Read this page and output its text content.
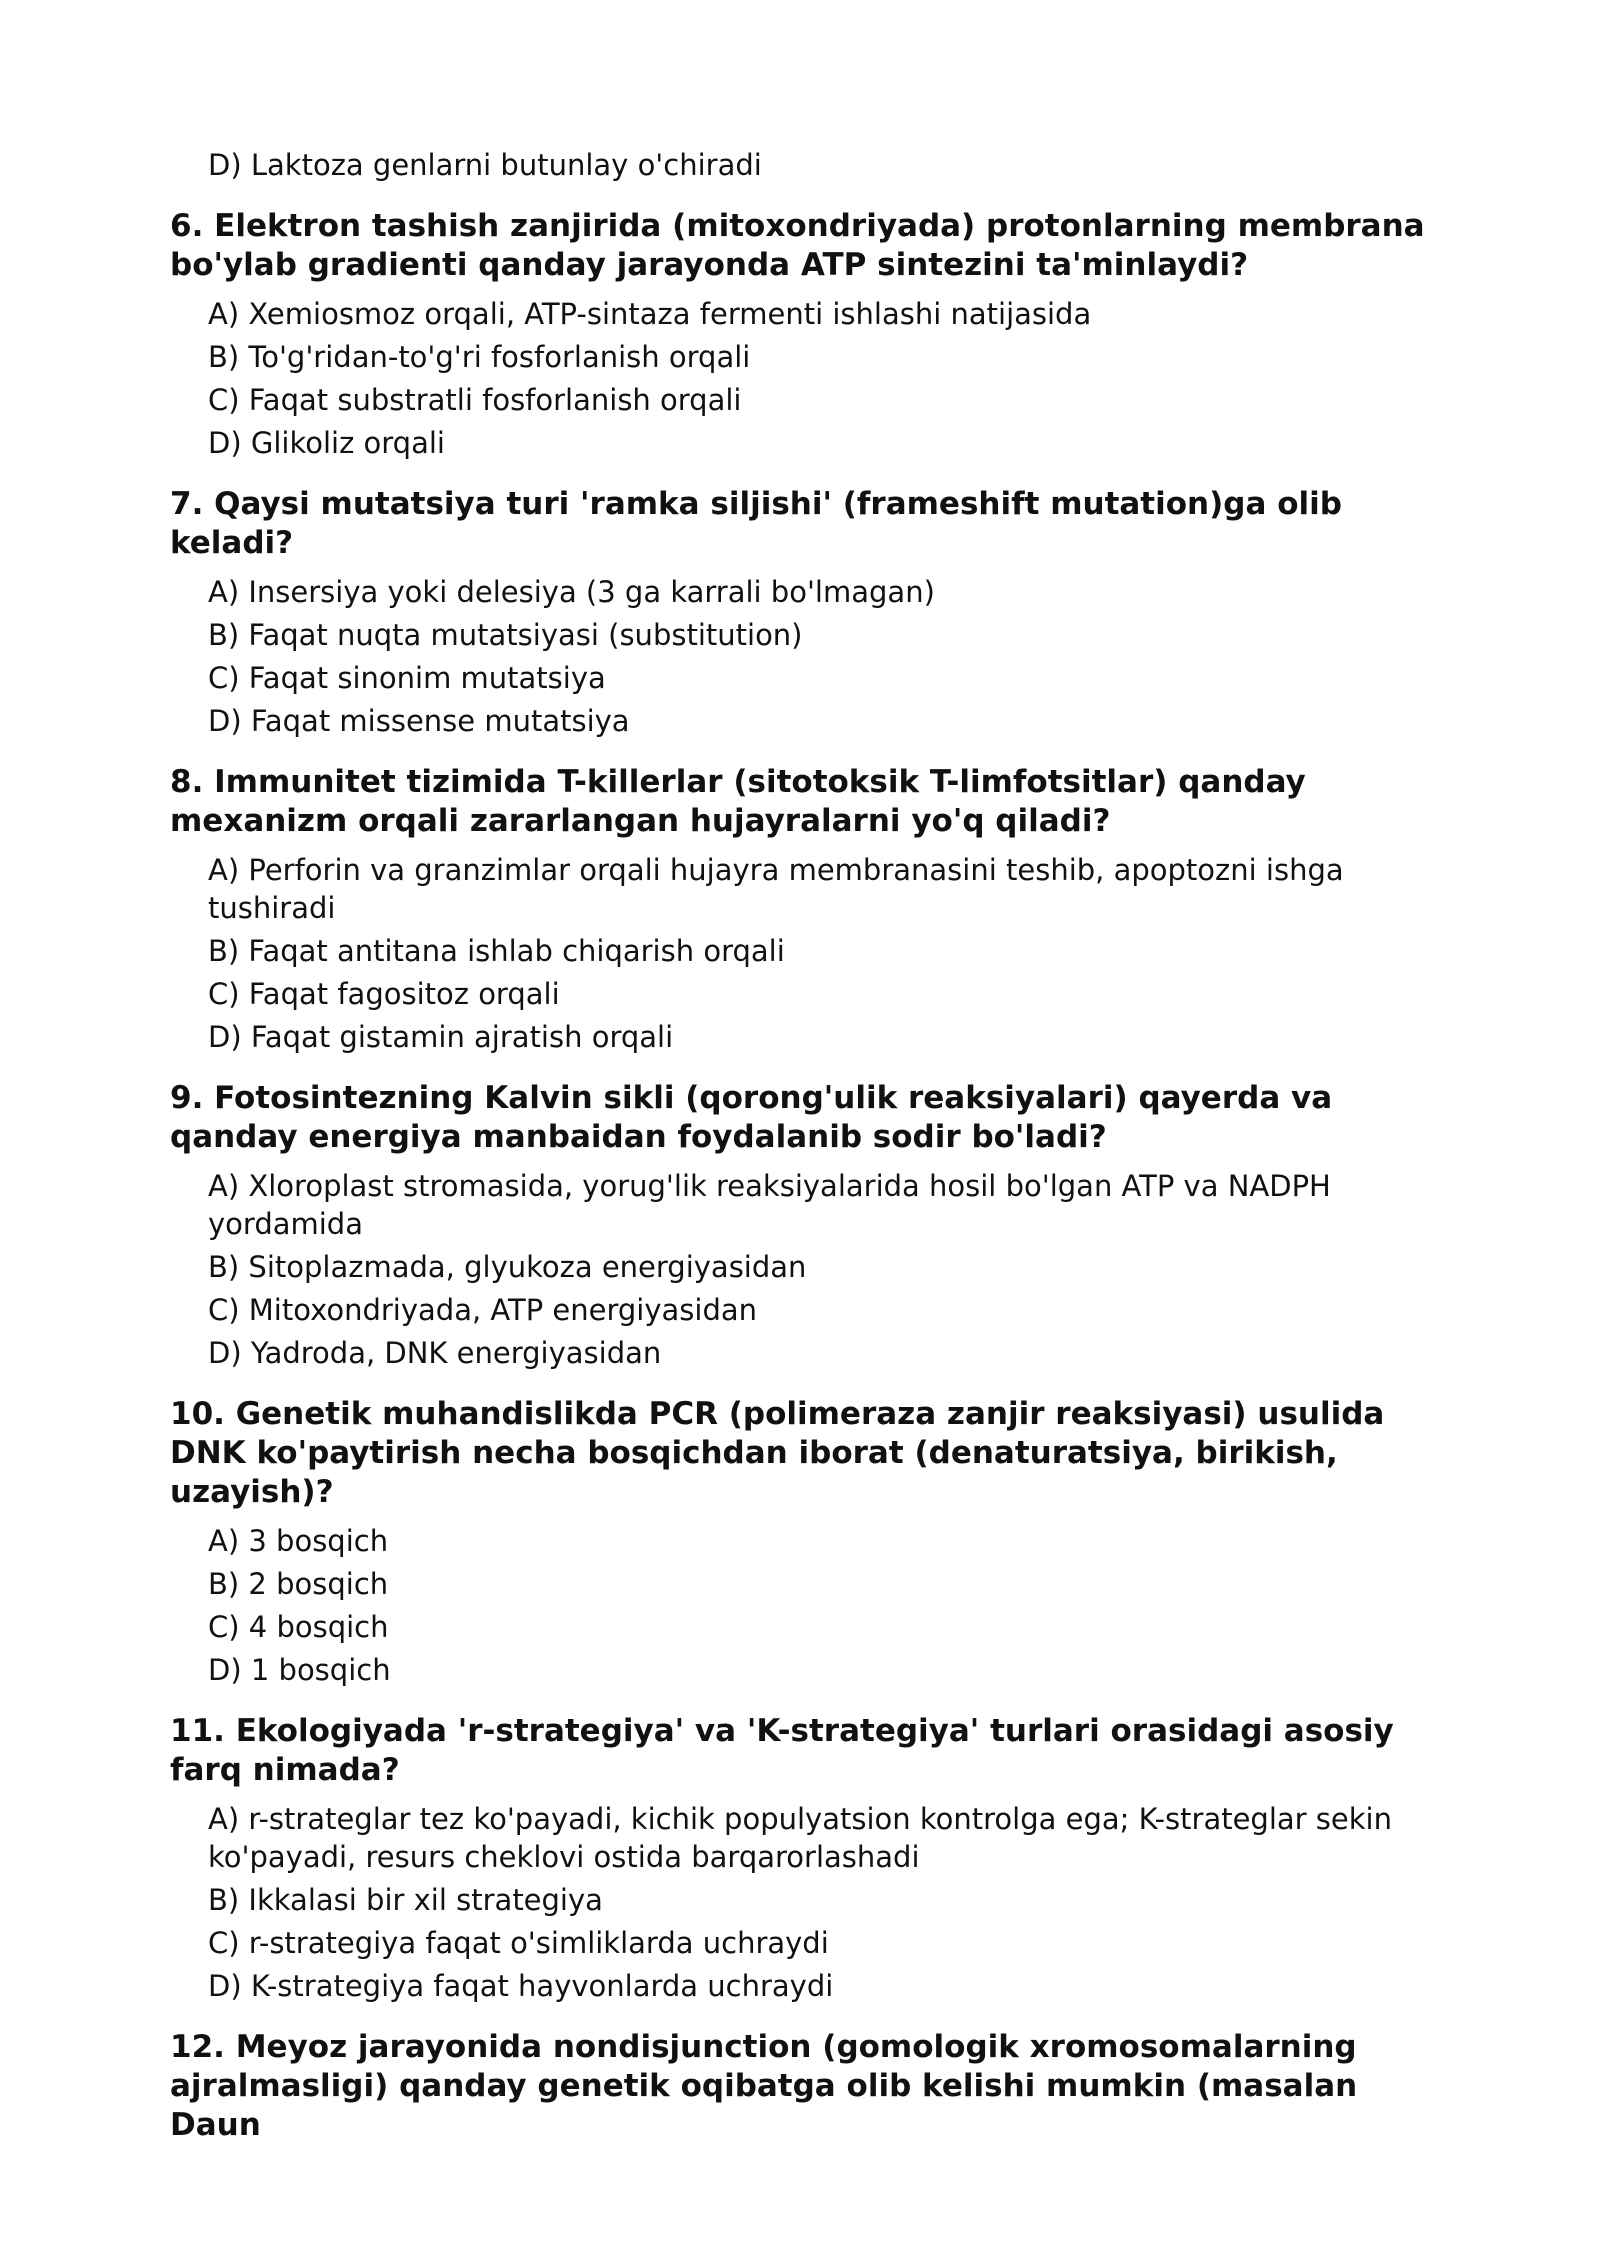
D) Laktoza genlarni butunlay o'chiradi

6. Elektron tashish zanjirida (mitoxondriyada) protonlarning membrana bo'ylab gradienti qanday jarayonda ATP sintezini ta'minlaydi?

A) Xemiosmoz orqali, ATP-sintaza fermenti ishlashi natijasida

B) To'g'ridan-to'g'ri fosforlanish orqali

C) Faqat substratli fosforlanish orqali

D) Glikoliz orqali

7. Qaysi mutatsiya turi 'ramka siljishi' (frameshift mutation)ga olib keladi?

A) Insersiya yoki delesiya (3 ga karrali bo'lmagan)

B) Faqat nuqta mutatsiyasi (substitution)

C) Faqat sinonim mutatsiya

D) Faqat missense mutatsiya

8. Immunitet tizimida T-killerlar (sitotoksik T-limfotsitlar) qanday mexanizm orqali zararlangan hujayralarni yo'q qiladi?

A) Perforin va granzimlar orqali hujayra membranasini teshib, apoptozni ishga tushiradi

B) Faqat antitana ishlab chiqarish orqali

C) Faqat fagositoz orqali

D) Faqat gistamin ajratish orqali

9. Fotosintezning Kalvin sikli (qorong'ulik reaksiyalari) qayerda va qanday energiya manbaidan foydalanib sodir bo'ladi?

A) Xloroplast stromasida, yorug'lik reaksiyalarida hosil bo'lgan ATP va NADPH yordamida

B) Sitoplazmada, glyukoza energiyasidan

C) Mitoxondriyada, ATP energiyasidan

D) Yadroda, DNK energiyasidan

10. Genetik muhandislikda PCR (polimeraza zanjir reaksiyasi) usulida DNK ko'paytirish necha bosqichdan iborat (denaturatsiya, birikish, uzayish)?

A) 3 bosqich

B) 2 bosqich

C) 4 bosqich

D) 1 bosqich

11. Ekologiyada 'r-strategiya' va 'K-strategiya' turlari orasidagi asosiy farq nimada?

A) r-strateglar tez ko'payadi, kichik populyatsion kontrolga ega; K-strateglar sekin ko'payadi, resurs cheklovi ostida barqarorlashadi

B) Ikkalasi bir xil strategiya

C) r-strategiya faqat o'simliklarda uchraydi

D) K-strategiya faqat hayvonlarda uchraydi

12. Meyoz jarayonida nondisjunction (gomologik xromosomalarning ajralmasligi) qanday genetik oqibatga olib kelishi mumkin (masalan Daun
